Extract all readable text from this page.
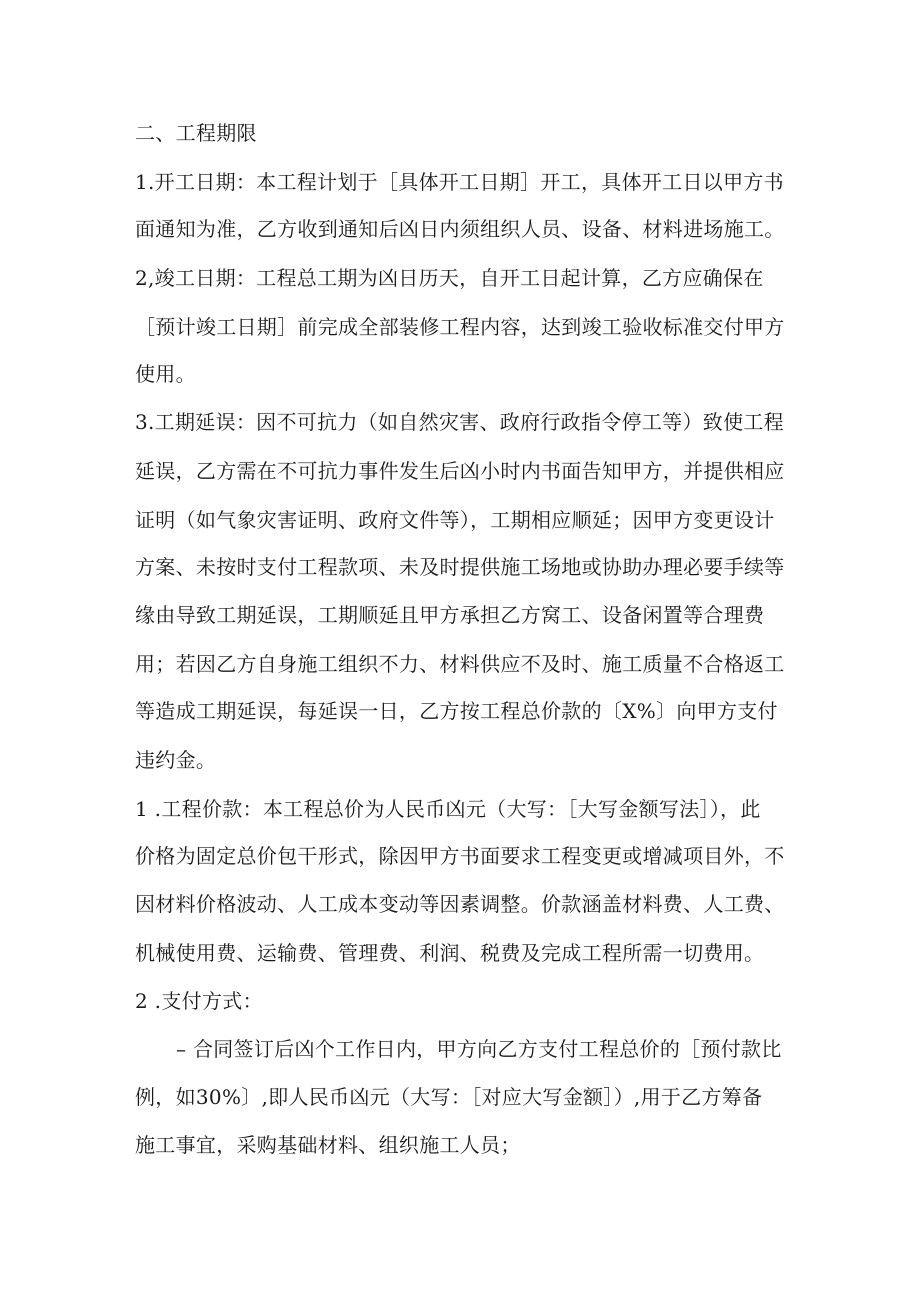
二、工程期限
1.开工日期：本工程计划于［具体开工日期］开工，具体开工日以甲方书
面通知为准，乙方收到通知后凶日内须组织人员、设备、材料进场施工。
2,竣工日期：工程总工期为凶日历天，自开工日起计算，乙方应确保在
［预计竣工日期］前完成全部装修工程内容，达到竣工验收标准交付甲方
使用。
3.工期延误：因不可抗力（如自然灾害、政府行政指令停工等）致使工程
延误，乙方需在不可抗力事件发生后凶小时内书面告知甲方，并提供相应
证明（如气象灾害证明、政府文件等），工期相应顺延；因甲方变更设计
方案、未按时支付工程款项、未及时提供施工场地或协助办理必要手续等
缘由导致工期延误，工期顺延且甲方承担乙方窝工、设备闲置等合理费
用；若因乙方自身施工组织不力、材料供应不及时、施工质量不合格返工
等造成工期延误，每延误一日，乙方按工程总价款的〔X%〕向甲方支付
违约金。
1 .工程价款：本工程总价为人民币凶元（大写：［大写金额写法］），此
价格为固定总价包干形式，除因甲方书面要求工程变更或增减项目外，不
因材料价格波动、人工成本变动等因素调整。价款涵盖材料费、人工费、
机械使用费、运输费、管理费、利润、税费及完成工程所需一切费用。
2 .支付方式：
– 合同签订后凶个工作日内，甲方向乙方支付工程总价的［预付款比
例，如30%〕,即人民币凶元（大写：［对应大写金额］）,用于乙方筹备
施工事宜，采购基础材料、组织施工人员；
